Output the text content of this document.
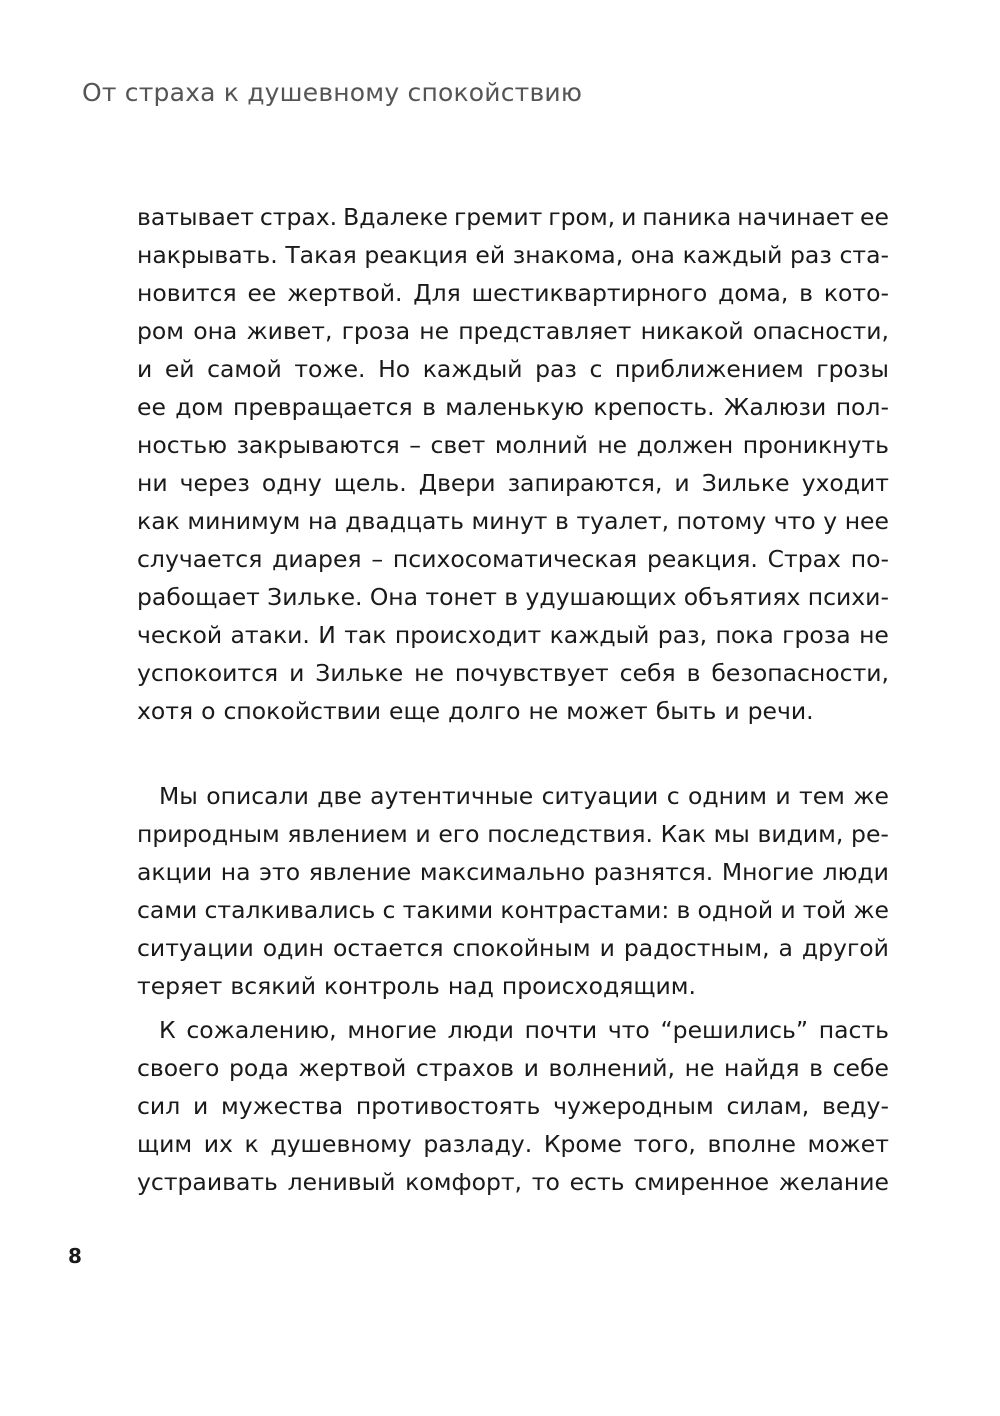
От страха к душевному спокойствию
ватывает страх. Вдалеке гремит гром, и паника начинает ее
накрывать. Такая реакция ей знакома, она каждый раз ста-
новится ее жертвой. Для шестиквартирного дома, в кото-
ром она живет, гроза не представляет никакой опасности,
и ей самой тоже. Но каждый раз с приближением грозы
ее дом превращается в маленькую крепость. Жалюзи пол-
ностью закрываются – свет молний не должен проникнуть
ни через одну щель. Двери запираются, и Зильке уходит
как минимум на двадцать минут в туалет, потому что у нее
случается диарея – психосоматическая реакция. Страх по-
рабощает Зильке. Она тонет в удушающих объятиях психи-
ческой атаки. И так происходит каждый раз, пока гроза не
успокоится и Зильке не почувствует себя в безопасности,
хотя о спокойствии еще долго не может быть и речи.
Мы описали две аутентичные ситуации с одним и тем же
природным явлением и его последствия. Как мы видим, ре-
акции на это явление максимально разнятся. Многие люди
сами сталкивались с такими контрастами: в одной и той же
ситуации один остается спокойным и радостным, а другой
теряет всякий контроль над происходящим.
К сожалению, многие люди почти что “решились” пасть
своего рода жертвой страхов и волнений, не найдя в себе
сил и мужества противостоять чужеродным силам, веду-
щим их к душевному разладу. Кроме того, вполне может
устраивать ленивый комфорт, то есть смиренное желание
8
